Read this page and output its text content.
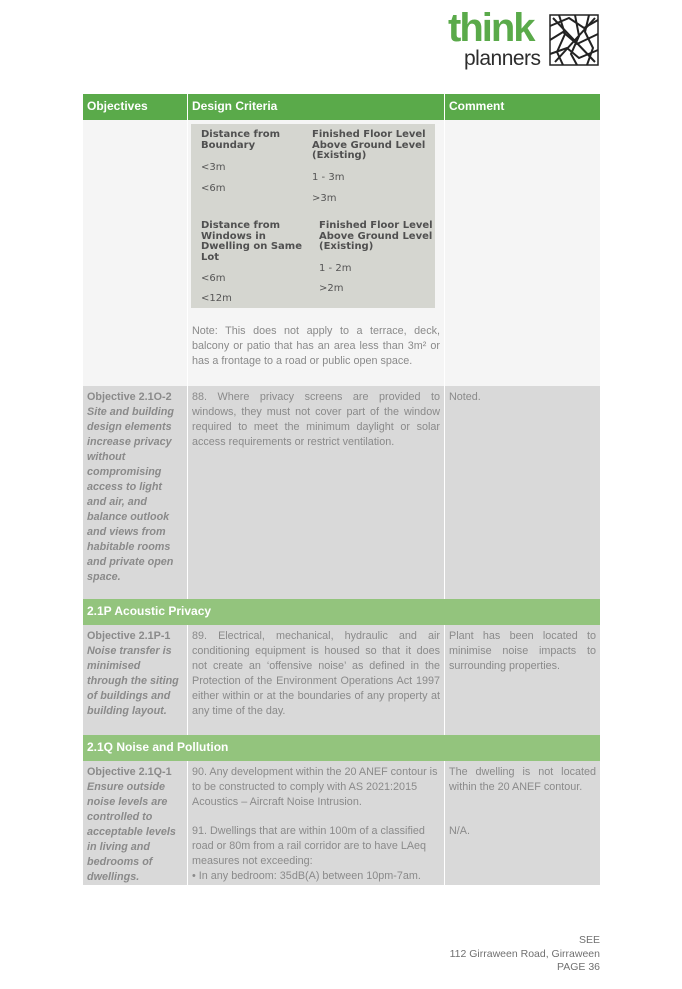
think
planners
Objectives	Design Criteria	Comment
Distance from
Boundary
<3m
<6m
Finished Floor Level
Above Ground Level
(Existing)
1 - 3m
>3m
Distance from
Windows in
Dwelling on Same
Lot
<6m
<12m
Finished Floor Level
Above Ground Level
(Existing)
1 - 2m
>2m
Note: This does not apply to a terrace, deck, balcony or patio that has an area less than 3m² or has a frontage to a road or public open space.
Objective 2.1O-2
Site and building design elements increase privacy without compromising access to light and air, and balance outlook and views from habitable rooms and private open space.
88. Where privacy screens are provided to windows, they must not cover part of the window required to meet the minimum daylight or solar access requirements or restrict ventilation.
Noted.
2.1P Acoustic Privacy
Objective 2.1P-1
Noise transfer is minimised through the siting of buildings and building layout.
89. Electrical, mechanical, hydraulic and air conditioning equipment is housed so that it does not create an ‘offensive noise’ as defined in the Protection of the Environment Operations Act 1997 either within or at the boundaries of any property at any time of the day.
Plant has been located to minimise noise impacts to surrounding properties.
2.1Q Noise and Pollution
Objective 2.1Q-1
Ensure outside noise levels are controlled to acceptable levels in living and bedrooms of dwellings.
90. Any development within the 20 ANEF contour is to be constructed to comply with AS 2021:2015 Acoustics – Aircraft Noise Intrusion.
91. Dwellings that are within 100m of a classified road or 80m from a rail corridor are to have LAeq measures not exceeding:
• In any bedroom: 35dB(A) between 10pm-7am.
The dwelling is not located within the 20 ANEF contour.
N/A.
SEE
112 Girraween Road, Girraween
PAGE 36
